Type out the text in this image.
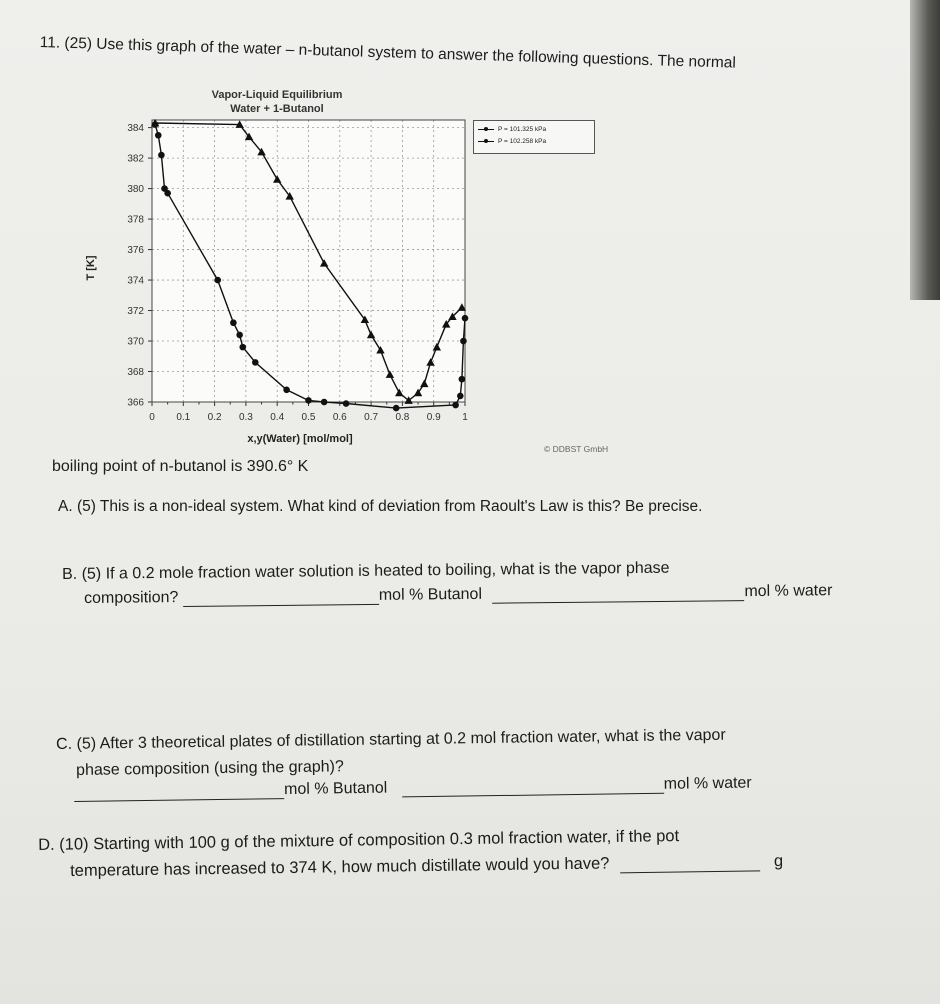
11. (25) Use this graph of the water – n-butanol system to answer the following questions. The normal
Vapor-Liquid Equilibrium
Water + 1-Butanol
0 0.1 0.2 0.3 0.4 0.5 0.6 0.7 0.8 0.9 1
366
368
370
372
374
376
378
380
382
384
x,y(Water) [mol/mol]
T [K]
P = 101.325 kPa
P = 102.258 kPa
© DDBST GmbH
boiling point of n-butanol is 390.6° K
A. (5) This is a non-ideal system. What kind of deviation from Raoult's Law is this? Be precise.
B. (5) If a 0.2 mole fraction water solution is heated to boiling, what is the vapor phase
composition?	mol % Butanol	mol % water
C. (5) After 3 theoretical plates of distillation starting at 0.2 mol fraction water, what is the vapor
phase composition (using the graph)?
mol % Butanol	mol % water
D. (10) Starting with 100 g of the mixture of composition 0.3 mol fraction water, if the pot
temperature has increased to 374 K, how much distillate would you have?	g
